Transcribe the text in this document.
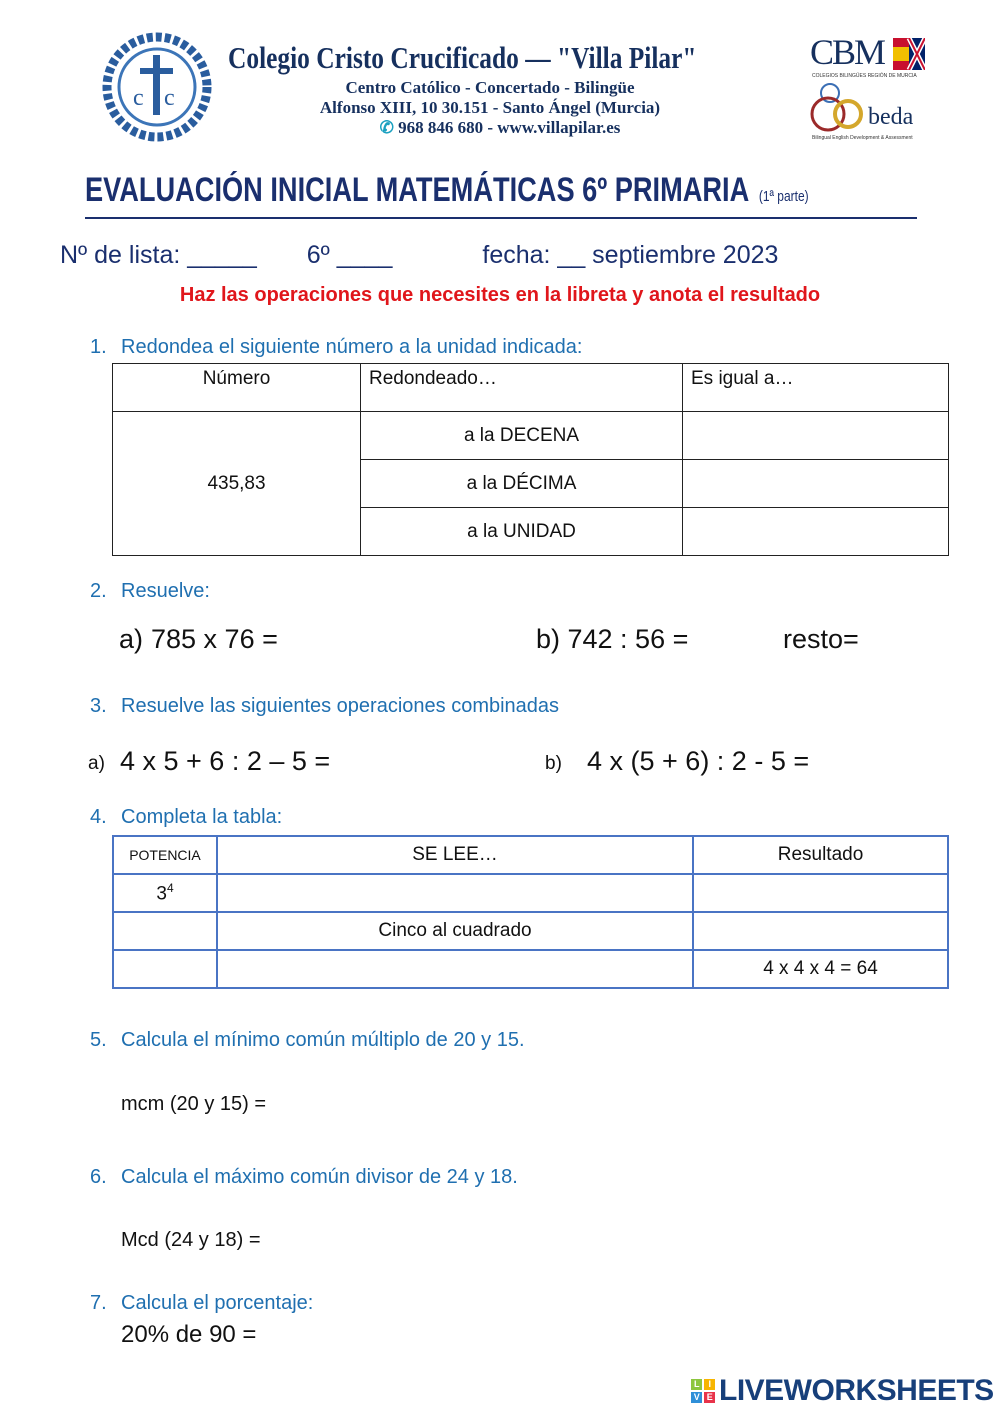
c c
Colegio Cristo Crucificado — "Villa Pilar"
Centro Católico - Concertado - Bilingüe
Alfonso XIII, 10 30.151 - Santo Ángel (Murcia)
✆ 968 846 680 - www.villapilar.es
CBM
COLEGIOS BILINGÜES REGIÓN DE MURCIA
beda
Bilingual English Development & Assessment
EVALUACIÓN INICIAL MATEMÁTICAS 6º PRIMARIA (1ª parte)
Nº de lista: _____ 6º ____	fecha: __ septiembre 2023
Haz las operaciones que necesites en la libreta y anota el resultado
1. Redondea el siguiente número a la unidad indicada:
Número	Redondeado…	Es igual a…
435,83	a la DECENA	
	a la DÉCIMA	
	a la UNIDAD	
2. Resuelve:
a) 785 x 76 =	b) 742 : 56 =	resto=
3. Resuelve las siguientes operaciones combinadas
a) 4 x 5 + 6 : 2 – 5 =	b) 4 x (5 + 6) : 2 - 5 =
4. Completa la tabla:
POTENCIA	SE LEE…	Resultado
$3^4$		
	Cinco al cuadrado	
		4 x 4 x 4 = 64
5. Calcula el mínimo común múltiplo de 20 y 15.
mcm (20 y 15) =
6. Calcula el máximo común divisor de 24 y 18.
Mcd (24 y 18) =
7. Calcula el porcentaje:
20% de 90 =
L	I
V E LIVEWORKSHEETS
